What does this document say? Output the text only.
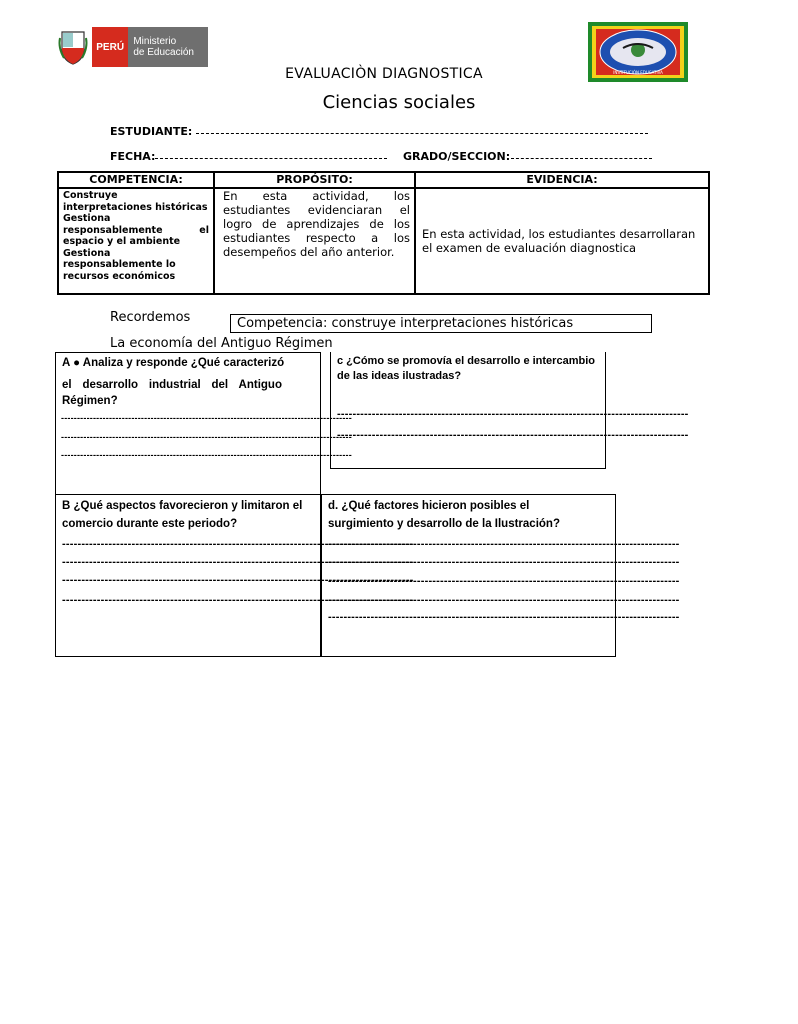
PERÚ Ministerio
de Educación
INSTITUCIÓN EDUCATIVA
EVALUACIÒN DIAGNOSTICA
Ciencias sociales
ESTUDIANTE:
FECHA:	GRADO/SECCION:
COMPETENCIA:	PROPÓSITO:	EVIDENCIA:

Construye interpretaciones históricas
Gestiona responsablemente el espacio y el ambiente
Gestiona responsablemente lo recursos económicos	En esta actividad, los estudiantes evidenciaran el logro de aprendizajes de los estudiantes respecto a los desempeños del año anterior.	En esta actividad, los estudiantes desarrollaran el examen de evaluación diagnostica
Recordemos	Competencia: construye interpretaciones históricas
La economía del Antiguo Régimen
A ● Analiza y responde ¿Qué caracterizó
el desarrollo industrial del Antiguo Régimen?
-------------------------------------------------------------------------------------------
-------------------------------------------------------------------------------------------
-------------------------------------------------------------------------------------------
c ¿Cómo se promovía el desarrollo e intercambio de las ideas ilustradas?
-------------------------------------------------------------------------------------------
-------------------------------------------------------------------------------------------
B ¿Qué aspectos favorecieron y limitaron el comercio durante este periodo?
-------------------------------------------------------------------------------------------
-------------------------------------------------------------------------------------------
-------------------------------------------------------------------------------------------
-------------------------------------------------------------------------------------------
d. ¿Qué factores hicieron posibles el surgimiento y desarrollo de la Ilustración?
-------------------------------------------------------------------------------------------
-------------------------------------------------------------------------------------------
-------------------------------------------------------------------------------------------
-------------------------------------------------------------------------------------------
-------------------------------------------------------------------------------------------
